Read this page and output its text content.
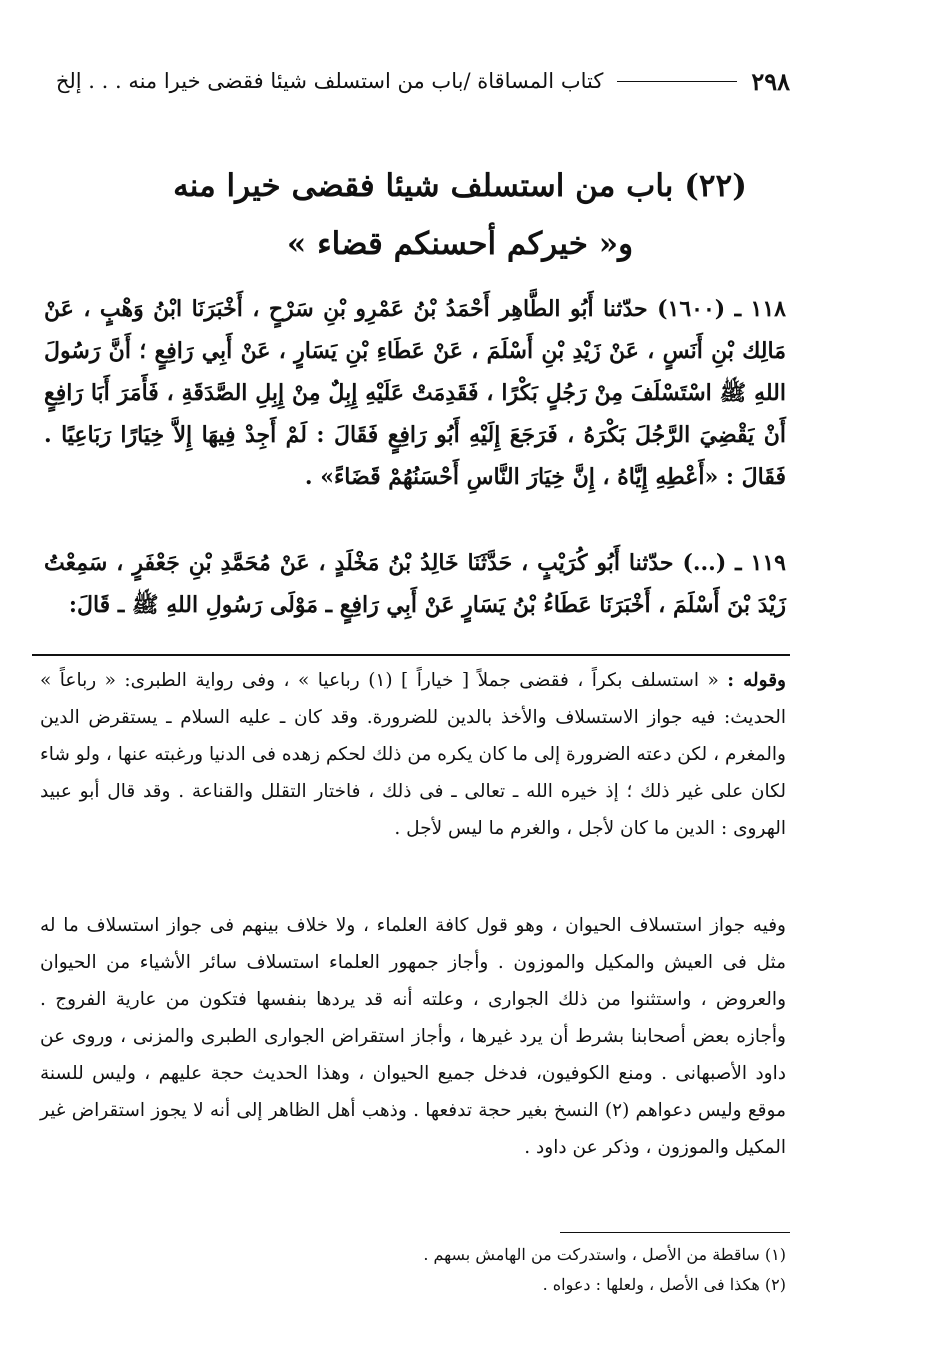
٢٩٨
كتاب المساقاة /باب من استسلف شيئا فقضى خيرا منه . . . إلخ
(٢٢) باب من استسلف شيئا فقضى خيرا منه
و« خيركم أحسنكم قضاء »

١١٨ ـ (١٦٠٠) حدّثنا أَبُو الطَّاهِر أَحْمَدُ بْنُ عَمْرِو بْنِ سَرْحٍ ، أَخْبَرَنَا ابْنُ وَهْبٍ ، عَنْ مَالِك بْنِ أَنَسٍ ، عَنْ زَيْدِ بْنِ أَسْلَمَ ، عَنْ عَطَاءِ بْنِ يَسَارٍ ، عَنْ أَبِي رَافِعٍ ؛ أَنَّ رَسُولَ اللهِ ﷺ اسْتَسْلَفَ مِنْ رَجُلٍ بَكْرًا ، فَقَدِمَتْ عَلَيْهِ إِبِلٌ مِنْ إِبِلِ الصَّدَقَةِ ، فَأَمَرَ أَبَا رَافِعٍ أَنْ يَقْضِيَ الرَّجُلَ بَكْرَهُ ، فَرَجَعَ إِلَيْهِ أَبُو رَافِعٍ فَقَالَ : لَمْ أَجِدْ فِيهَا إِلاَّ خِيَارًا رَبَاعِيًا . فَقَالَ : «أَعْطِهِ إِيَّاهُ ، إِنَّ خِيَارَ النَّاسِ أَحْسَنُهُمْ قَضَاءً» .

١١٩ ـ (...) حدّثنا أَبُو كُرَيْبٍ ، حَدَّثَنَا خَالِدُ بْنُ مَخْلَدٍ ، عَنْ مُحَمَّدِ بْنِ جَعْفَرٍ ، سَمِعْتُ زَيْدَ بْنَ أَسْلَمَ ، أَخْبَرَنَا عَطَاءُ بْنُ يَسَارٍ عَنْ أَبِي رَافِعٍ ـ مَوْلَى رَسُولِ اللهِ ﷺ ـ قَالَ:

وقوله : « استسلف بكراً ، فقضى جملاً [ خياراً ] (١) رباعيا » ، وفى رواية الطبرى: « رباعاً » الحديث: فيه جواز الاستسلاف والأخذ بالدين للضرورة. وقد كان ـ عليه السلام ـ يستقرض الدين والمغرم ، لكن دعته الضرورة إلى ما كان يكره من ذلك لحكم زهده فى الدنيا ورغبته عنها ، ولو شاء لكان على غير ذلك ؛ إذ خيره الله ـ تعالى ـ فى ذلك ، فاختار التقلل والقناعة . وقد قال أبو عبيد الهروى : الدين ما كان لأجل ، والغرم ما ليس لأجل .

وفيه جواز استسلاف الحيوان ، وهو قول كافة العلماء ، ولا خلاف بينهم فى جواز استسلاف ما له مثل فى العيش والمكيل والموزون . وأجاز جمهور العلماء استسلاف سائر الأشياء من الحيوان والعروض ، واستثنوا من ذلك الجوارى ، وعلته أنه قد يردها بنفسها فتكون من عارية الفروج . وأجازه بعض أصحابنا بشرط أن يرد غيرها ، وأجاز استقراض الجوارى الطبرى والمزنى ، وروى عن داود الأصبهانى . ومنع الكوفيون، فدخل جميع الحيوان ، وهذا الحديث حجة عليهم ، وليس للسنة موقع وليس دعواهم (٢) النسخ بغير حجة تدفعها . وذهب أهل الظاهر إلى أنه لا يجوز استقراض غير المكيل والموزون ، وذكر عن داود .

(١) ساقطة من الأصل ، واستدركت من الهامش بسهم .

(٢) هكذا فى الأصل ، ولعلها : دعواه .
